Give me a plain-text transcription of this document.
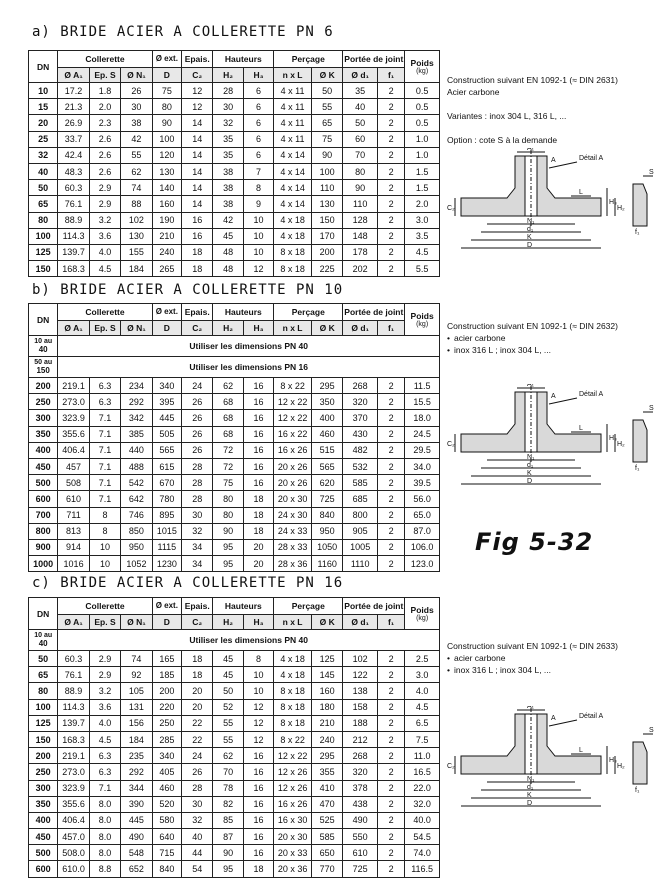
a) BRIDE ACIER A COLLERETTE PN 6
DN	Collerette			Ø ext.	Epais.	Hauteurs		Perçage		Portée de joint		Poids
(kg)

	Ø A₁	Ep. S	Ø N₁	D	C₂	H₂	H₃	n x L	Ø K	Ø d₁	f₁	
10	17.2	1.8	26	75	12	28	6	4 x 11	50	35	2	0.5
15	21.3	2.0	30	80	12	30	6	4 x 11	55	40	2	0.5
20	26.9	2.3	38	90	14	32	6	4 x 11	65	50	2	0.5
25	33.7	2.6	42	100	14	35	6	4 x 11	75	60	2	1.0
32	42.4	2.6	55	120	14	35	6	4 x 14	90	70	2	1.0
40	48.3	2.6	62	130	14	38	7	4 x 14	100	80	2	1.5
50	60.3	2.9	74	140	14	38	8	4 x 14	110	90	2	1.5
65	76.1	2.9	88	160	14	38	9	4 x 14	130	110	2	2.0
80	88.9	3.2	102	190	16	42	10	4 x 18	150	128	2	3.0
100	114.3	3.6	130	210	16	45	10	4 x 18	170	148	2	3.5
125	139.7	4.0	155	240	18	48	10	8 x 18	200	178	2	4.5
150	168.3	4.5	184	265	18	48	12	8 x 18	225	202	2	5.5
Construction suivant EN 1092-1 (≈ DIN 2631)
Acier carbone
Variantes : inox 304 L, 316 L, ...
Option : cote S à la demande
A₁
A	Détail A
S
H₃
H₂
C₂
L
N₁
d₁
K
D
f₁
b) BRIDE ACIER A COLLERETTE PN 10
DN	Collerette			Ø ext.	Epais.	Hauteurs		Perçage		Portée de joint		Poids
(kg)

	Ø A₁	Ep. S	Ø N₁	D	C₂	H₂	H₃	n x L	Ø K	Ø d₁	f₁	

10 au
40	Utiliser les dimensions PN 40											

50 au
150	Utiliser les dimensions PN 16											
200	219.1	6.3	234	340	24	62	16	8 x 22	295	268	2	11.5
250	273.0	6.3	292	395	26	68	16	12 x 22	350	320	2	15.5
300	323.9	7.1	342	445	26	68	16	12 x 22	400	370	2	18.0
350	355.6	7.1	385	505	26	68	16	16 x 22	460	430	2	24.5
400	406.4	7.1	440	565	26	72	16	16 x 26	515	482	2	29.5
450	457	7.1	488	615	28	72	16	20 x 26	565	532	2	34.0
500	508	7.1	542	670	28	75	16	20 x 26	620	585	2	39.5
600	610	7.1	642	780	28	80	18	20 x 30	725	685	2	56.0
700	711	8	746	895	30	80	18	24 x 30	840	800	2	65.0
800	813	8	850	1015	32	90	18	24 x 33	950	905	2	87.0
900	914	10	950	1115	34	95	20	28 x 33	1050	1005	2	106.0
1000	1016	10	1052	1230	34	95	20	28 x 36	1160	1110	2	123.0
Construction suivant EN 1092-1 (≈ DIN 2632)
• acier carbone
• inox 316 L ; inox 304 L, ...
A₁
A	Détail A
S
H₃
H₂
C₂
L
N₁
d₁
K
D
f₁
Fig 5-32
c) BRIDE ACIER A COLLERETTE PN 16
DN	Collerette			Ø ext.	Epais.	Hauteurs		Perçage		Portée de joint		Poids
(kg)

	Ø A₁	Ep. S	Ø N₁	D	C₂	H₂	H₃	n x L	Ø K	Ø d₁	f₁	

10 au
40	Utiliser les dimensions PN 40											
50	60.3	2.9	74	165	18	45	8	4 x 18	125	102	2	2.5
65	76.1	2.9	92	185	18	45	10	4 x 18	145	122	2	3.0
80	88.9	3.2	105	200	20	50	10	8 x 18	160	138	2	4.0
100	114.3	3.6	131	220	20	52	12	8 x 18	180	158	2	4.5
125	139.7	4.0	156	250	22	55	12	8 x 18	210	188	2	6.5
150	168.3	4.5	184	285	22	55	12	8 x 22	240	212	2	7.5
200	219.1	6.3	235	340	24	62	16	12 x 22	295	268	2	11.0
250	273.0	6.3	292	405	26	70	16	12 x 26	355	320	2	16.5
300	323.9	7.1	344	460	28	78	16	12 x 26	410	378	2	22.0
350	355.6	8.0	390	520	30	82	16	16 x 26	470	438	2	32.0
400	406.4	8.0	445	580	32	85	16	16 x 30	525	490	2	40.0
450	457.0	8.0	490	640	40	87	16	20 x 30	585	550	2	54.5
500	508.0	8.0	548	715	44	90	16	20 x 33	650	610	2	74.0
600	610.0	8.8	652	840	54	95	18	20 x 36	770	725	2	116.5
Construction suivant EN 1092-1 (≈ DIN 2633)
• acier carbone
• inox 316 L ; inox 304 L, ...
A₁
A	Détail A
S
H₃
H₂
C₂
L
N₁
d₁
K
D
f₁
